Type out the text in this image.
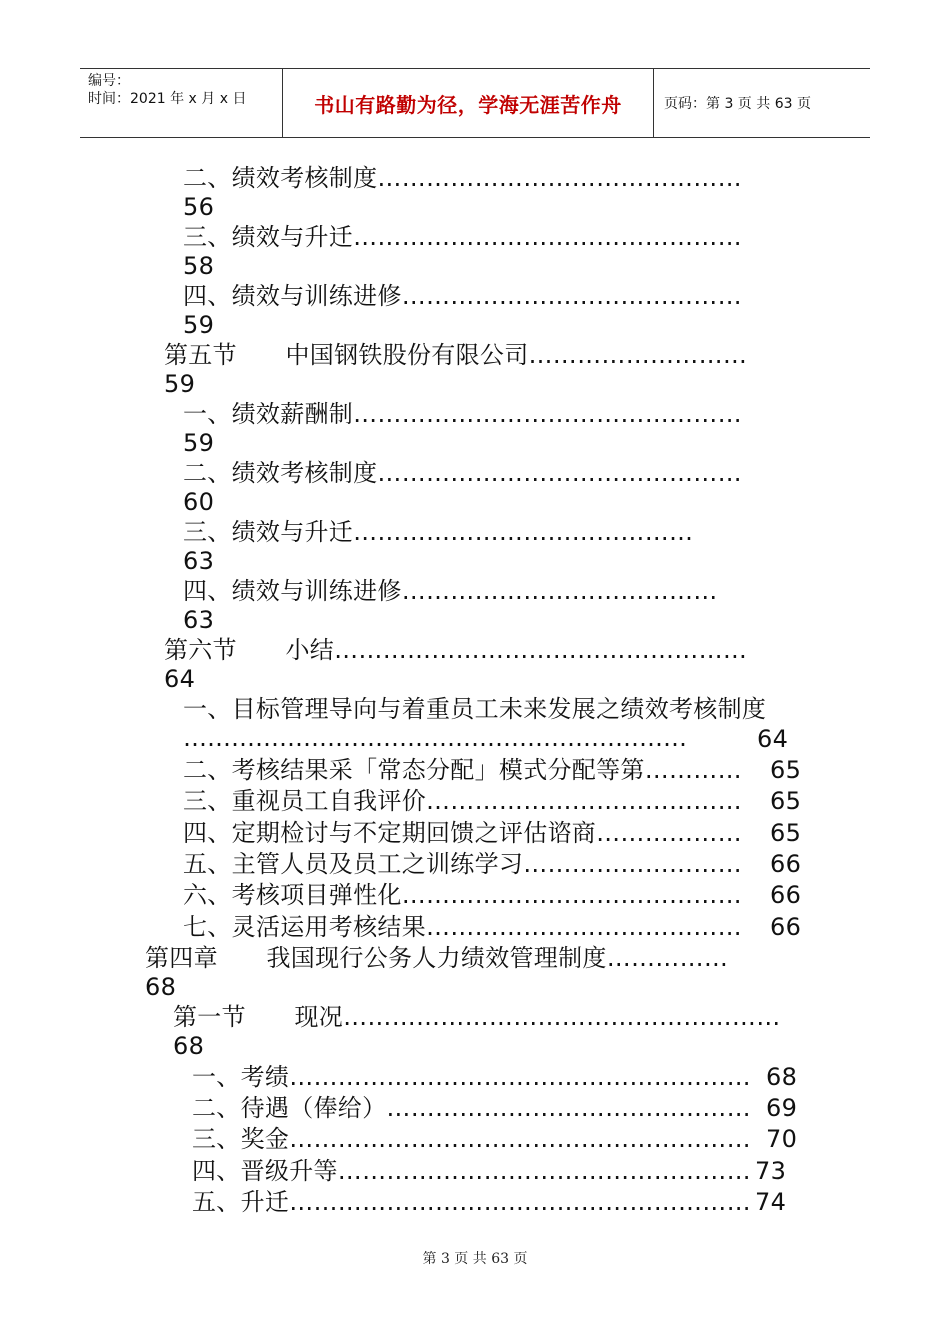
编号：
时间：2021 年 x 月 x 日	书山有路勤为径，学海无涯苦作舟	页码：第 3 页 共 63 页
二、绩效考核制度………………………………………
56
三、绩效与升迁…………………………………………
58
四、绩效与训练进修……………………………………
59
第五节　　中国钢铁股份有限公司………………………
59
一、绩效薪酬制…………………………………………
59
二、绩效考核制度………………………………………
60
三、绩效与升迁……………………………………
63
四、绩效与训练进修…………………………………
63
第六节　　小结……………………………………………
64
一、目标管理导向与着重员工未来发展之绩效考核制度
………………………………………………………	64
二、考核结果采「常态分配」模式分配等第………… 65
三、重视员工自我评价………………………………… 65
四、定期检讨与不定期回馈之评估谘商……………… 65
五、主管人员及员工之训练学习……………………… 66
六、考核项目弹性化…………………………………… 66
七、灵活运用考核结果………………………………… 66
第四章　　我国现行公务人力绩效管理制度……………
68
第一节　　现况………………………………………………
68
一、考绩………………………………………………… 68
二、待遇（俸给）……………………………………… 69
三、奖金………………………………………………… 70
四、晋级升等…………………………………………… 73
五、升迁………………………………………………… 74
第 3 页 共 63 页
